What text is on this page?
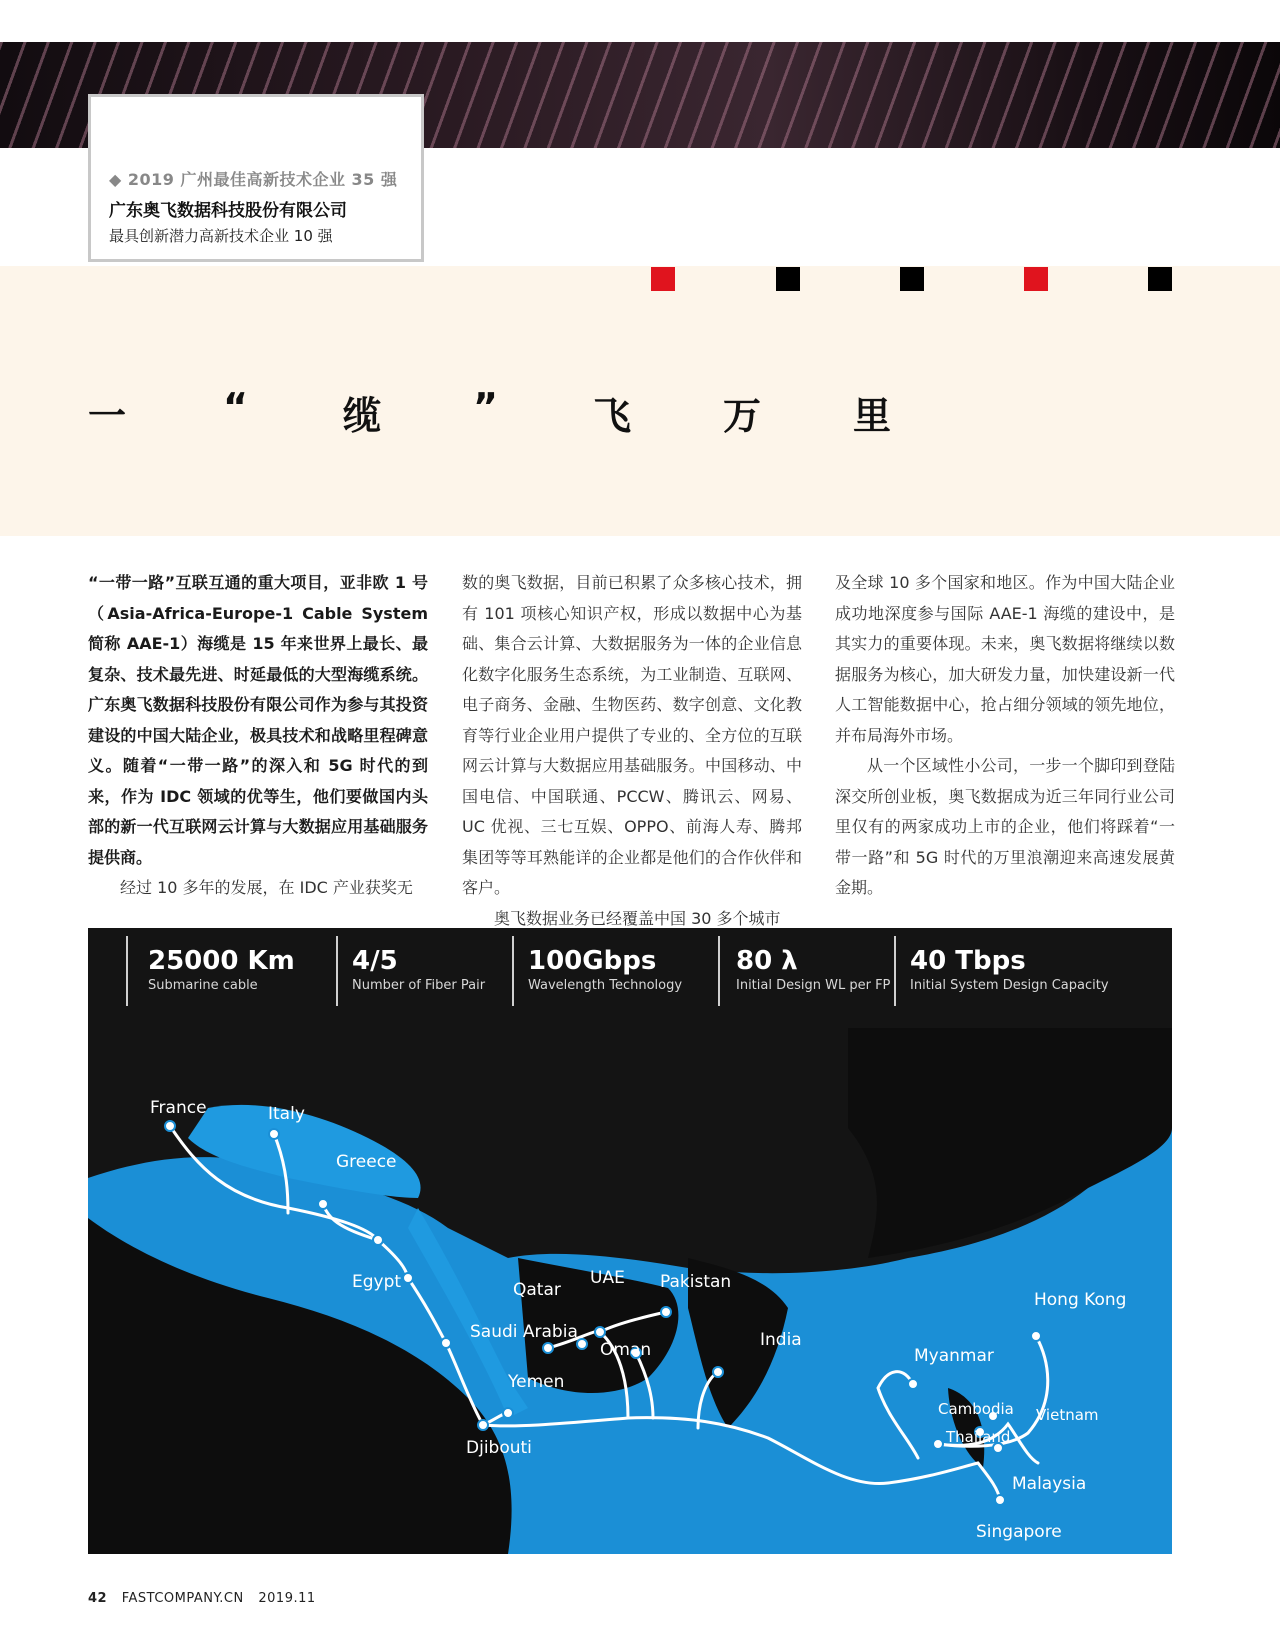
◆ 2019 广州最佳高新技术企业 35 强
广东奥飞数据科技股份有限公司
最具创新潜力高新技术企业 10 强
一	“	缆 ”	飞 万 里

“一带一路”互联互通的重大项目，亚非欧 1 号（Asia-Africa-Europe-1 Cable System 简称 AAE-1）海缆是 15 年来世界上最长、最复杂、技术最先进、时延最低的大型海缆系统。广东奥飞数据科技股份有限公司作为参与其投资建设的中国大陆企业，极具技术和战略里程碑意义。随着“一带一路”的深入和 5G 时代的到来，作为 IDC 领域的优等生，他们要做国内头部的新一代互联网云计算与大数据应用基础服务提供商。

经过 10 多年的发展，在 IDC 产业获奖无

数的奥飞数据，目前已积累了众多核心技术，拥有 101 项核心知识产权，形成以数据中心为基础、集合云计算、大数据服务为一体的企业信息化数字化服务生态系统，为工业制造、互联网、电子商务、金融、生物医药、数字创意、文化教育等行业企业用户提供了专业的、全方位的互联网云计算与大数据应用基础服务。中国移动、中国电信、中国联通、PCCW、腾讯云、网易、UC 优视、三七互娱、OPPO、前海人寿、腾邦集团等等耳熟能详的企业都是他们的合作伙伴和客户。

奥飞数据业务已经覆盖中国 30 多个城市

及全球 10 多个国家和地区。作为中国大陆企业成功地深度参与国际 AAE-1 海缆的建设中，是其实力的重要体现。未来，奥飞数据将继续以数据服务为核心，加大研发力量，加快建设新一代人工智能数据中心，抢占细分领域的领先地位，并布局海外市场。

从一个区域性小公司，一步一个脚印到登陆深交所创业板，奥飞数据成为近三年同行业公司里仅有的两家成功上市的企业，他们将踩着“一带一路”和 5G 时代的万里浪潮迎来高速发展黄金期。

25000 Km
Submarine cable
4/5
Number of Fiber Pair
100Gbps
Wavelength Technology
80 λ
Initial Design WL per FP
40 Tbps
Initial System Design Capacity
France	Italy
Greece
Egypt	Qatar
UAE Pakistan
Saudi Arabia
Oman	India
Yemen
Djibouti
Myanmar
Hong Kong
Cambodia Vietnam
Thailand
Malaysia
Singapore
42 FASTCOMPANY.CN 2019.11
